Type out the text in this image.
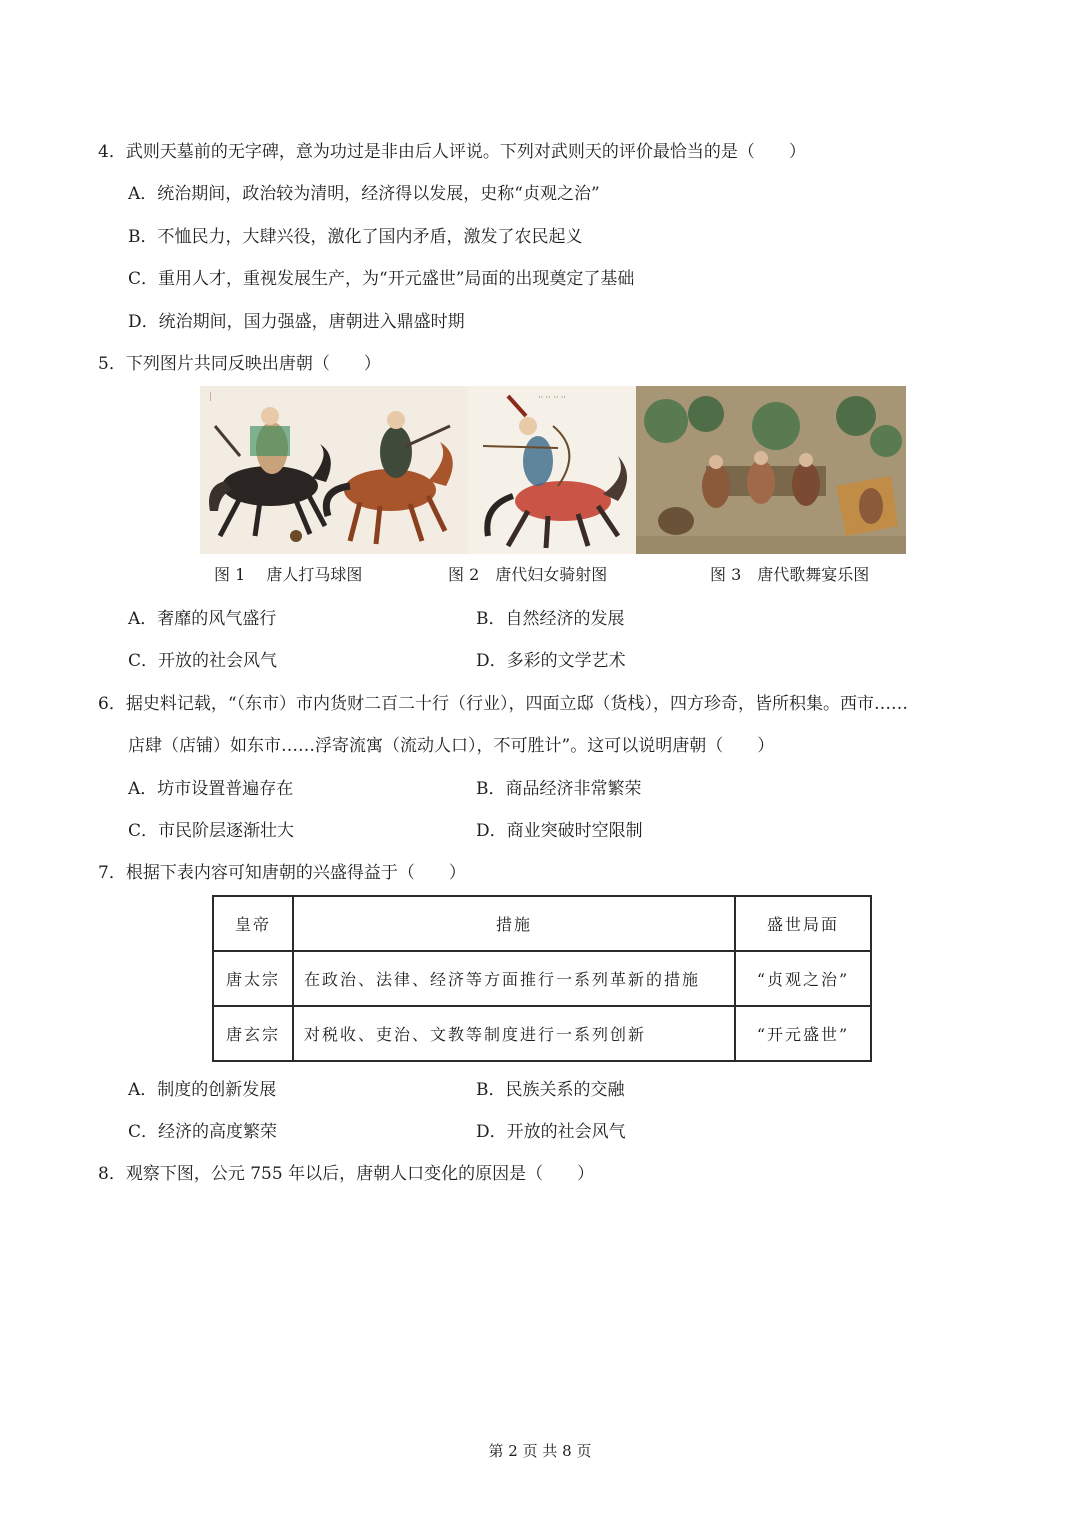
4．武则天墓前的无字碑，意为功过是非由后人评说。下列对武则天的评价最恰当的是（　　）
A．统治期间，政治较为清明，经济得以发展，史称“贞观之治”
B．不恤民力，大肆兴役，激化了国内矛盾，激发了农民起义
C．重用人才，重视发展生产，为“开元盛世”局面的出现奠定了基础
D．统治期间，国力强盛，唐朝进入鼎盛时期
5．下列图片共同反映出唐朝（　　）
｜	·· ·· ·· ··
图 1　 唐人打马球图	图 2　唐代妇女骑射图	图 3　唐代歌舞宴乐图
A．奢靡的风气盛行	B．自然经济的发展
C．开放的社会风气	D．多彩的文学艺术
6．据史料记载，“（东市）市内货财二百二十行（行业），四面立邸（货栈），四方珍奇，皆所积集。西市……
店肆（店铺）如东市……浮寄流寓（流动人口），不可胜计”。这可以说明唐朝（　　）
A．坊市设置普遍存在	B．商品经济非常繁荣
C．市民阶层逐渐壮大	D．商业突破时空限制
7．根据下表内容可知唐朝的兴盛得益于（　　）
皇帝	措施	盛世局面
唐太宗	在政治、法律、经济等方面推行一系列革新的措施	“贞观之治”
唐玄宗	对税收、吏治、文教等制度进行一系列创新	“开元盛世”
A．制度的创新发展	B．民族关系的交融
C．经济的高度繁荣	D．开放的社会风气
8．观察下图，公元 755 年以后，唐朝人口变化的原因是（　　）
第 2 页 共 8 页
